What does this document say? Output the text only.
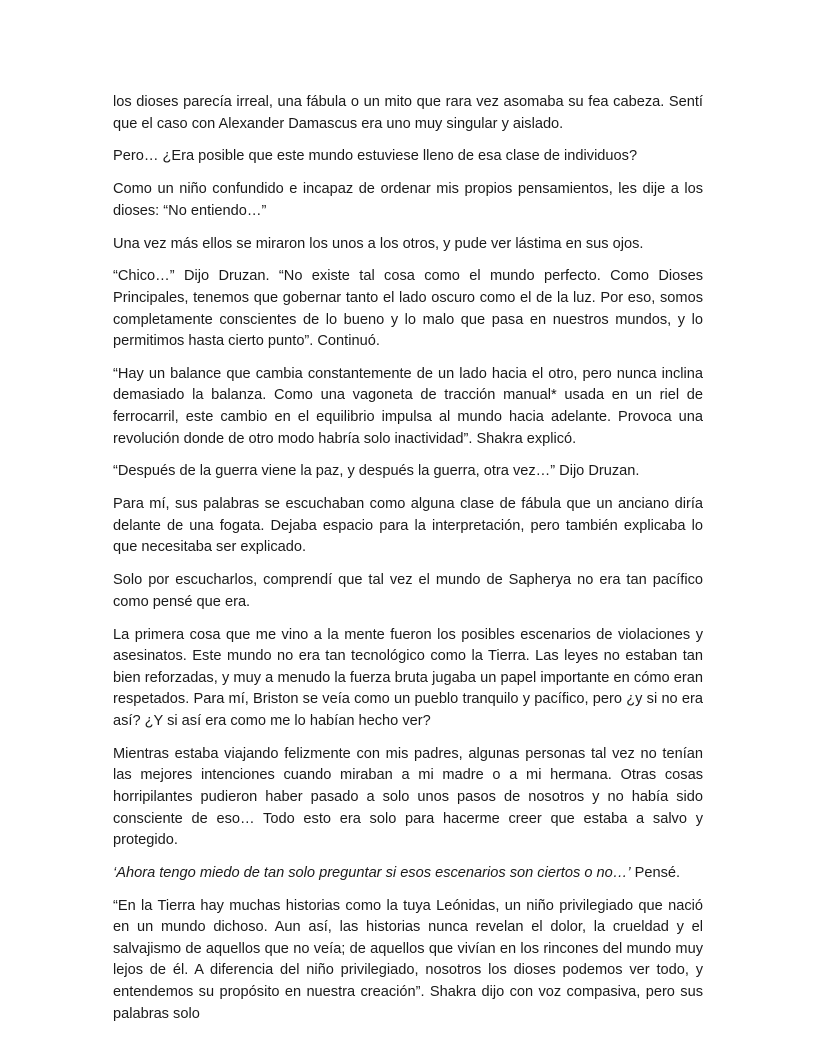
los dioses parecía irreal, una fábula o un mito que rara vez asomaba su fea cabeza. Sentí que el caso con Alexander Damascus era uno muy singular y aislado.

Pero… ¿Era posible que este mundo estuviese lleno de esa clase de individuos?

Como un niño confundido e incapaz de ordenar mis propios pensamientos, les dije a los dioses: “No entiendo…”

Una vez más ellos se miraron los unos a los otros, y pude ver lástima en sus ojos.

“Chico…” Dijo Druzan. “No existe tal cosa como el mundo perfecto. Como Dioses Principales, tenemos que gobernar tanto el lado oscuro como el de la luz. Por eso, somos completamente conscientes de lo bueno y lo malo que pasa en nuestros mundos, y lo permitimos hasta cierto punto”. Continuó.

“Hay un balance que cambia constantemente de un lado hacia el otro, pero nunca inclina demasiado la balanza. Como una vagoneta de tracción manual* usada en un riel de ferrocarril, este cambio en el equilibrio impulsa al mundo hacia adelante. Provoca una revolución donde de otro modo habría solo inactividad”. Shakra explicó.

“Después de la guerra viene la paz, y después la guerra, otra vez…” Dijo Druzan.

Para mí, sus palabras se escuchaban como alguna clase de fábula que un anciano diría delante de una fogata. Dejaba espacio para la interpretación, pero también explicaba lo que necesitaba ser explicado.

Solo por escucharlos, comprendí que tal vez el mundo de Sapherya no era tan pacífico como pensé que era.

La primera cosa que me vino a la mente fueron los posibles escenarios de violaciones y asesinatos. Este mundo no era tan tecnológico como la Tierra. Las leyes no estaban tan bien reforzadas, y muy a menudo la fuerza bruta jugaba un papel importante en cómo eran respetados. Para mí, Briston se veía como un pueblo tranquilo y pacífico, pero ¿y si no era así? ¿Y si así era como me lo habían hecho ver?

Mientras estaba viajando felizmente con mis padres, algunas personas tal vez no tenían las mejores intenciones cuando miraban a mi madre o a mi hermana. Otras cosas horripilantes pudieron haber pasado a solo unos pasos de nosotros y no había sido consciente de eso… Todo esto era solo para hacerme creer que estaba a salvo y protegido.

‘Ahora tengo miedo de tan solo preguntar si esos escenarios son ciertos o no…’ Pensé.

“En la Tierra hay muchas historias como la tuya Leónidas, un niño privilegiado que nació en un mundo dichoso. Aun así, las historias nunca revelan el dolor, la crueldad y el salvajismo de aquellos que no veía; de aquellos que vivían en los rincones del mundo muy lejos de él. A diferencia del niño privilegiado, nosotros los dioses podemos ver todo, y entendemos su propósito en nuestra creación”. Shakra dijo con voz compasiva, pero sus palabras solo
